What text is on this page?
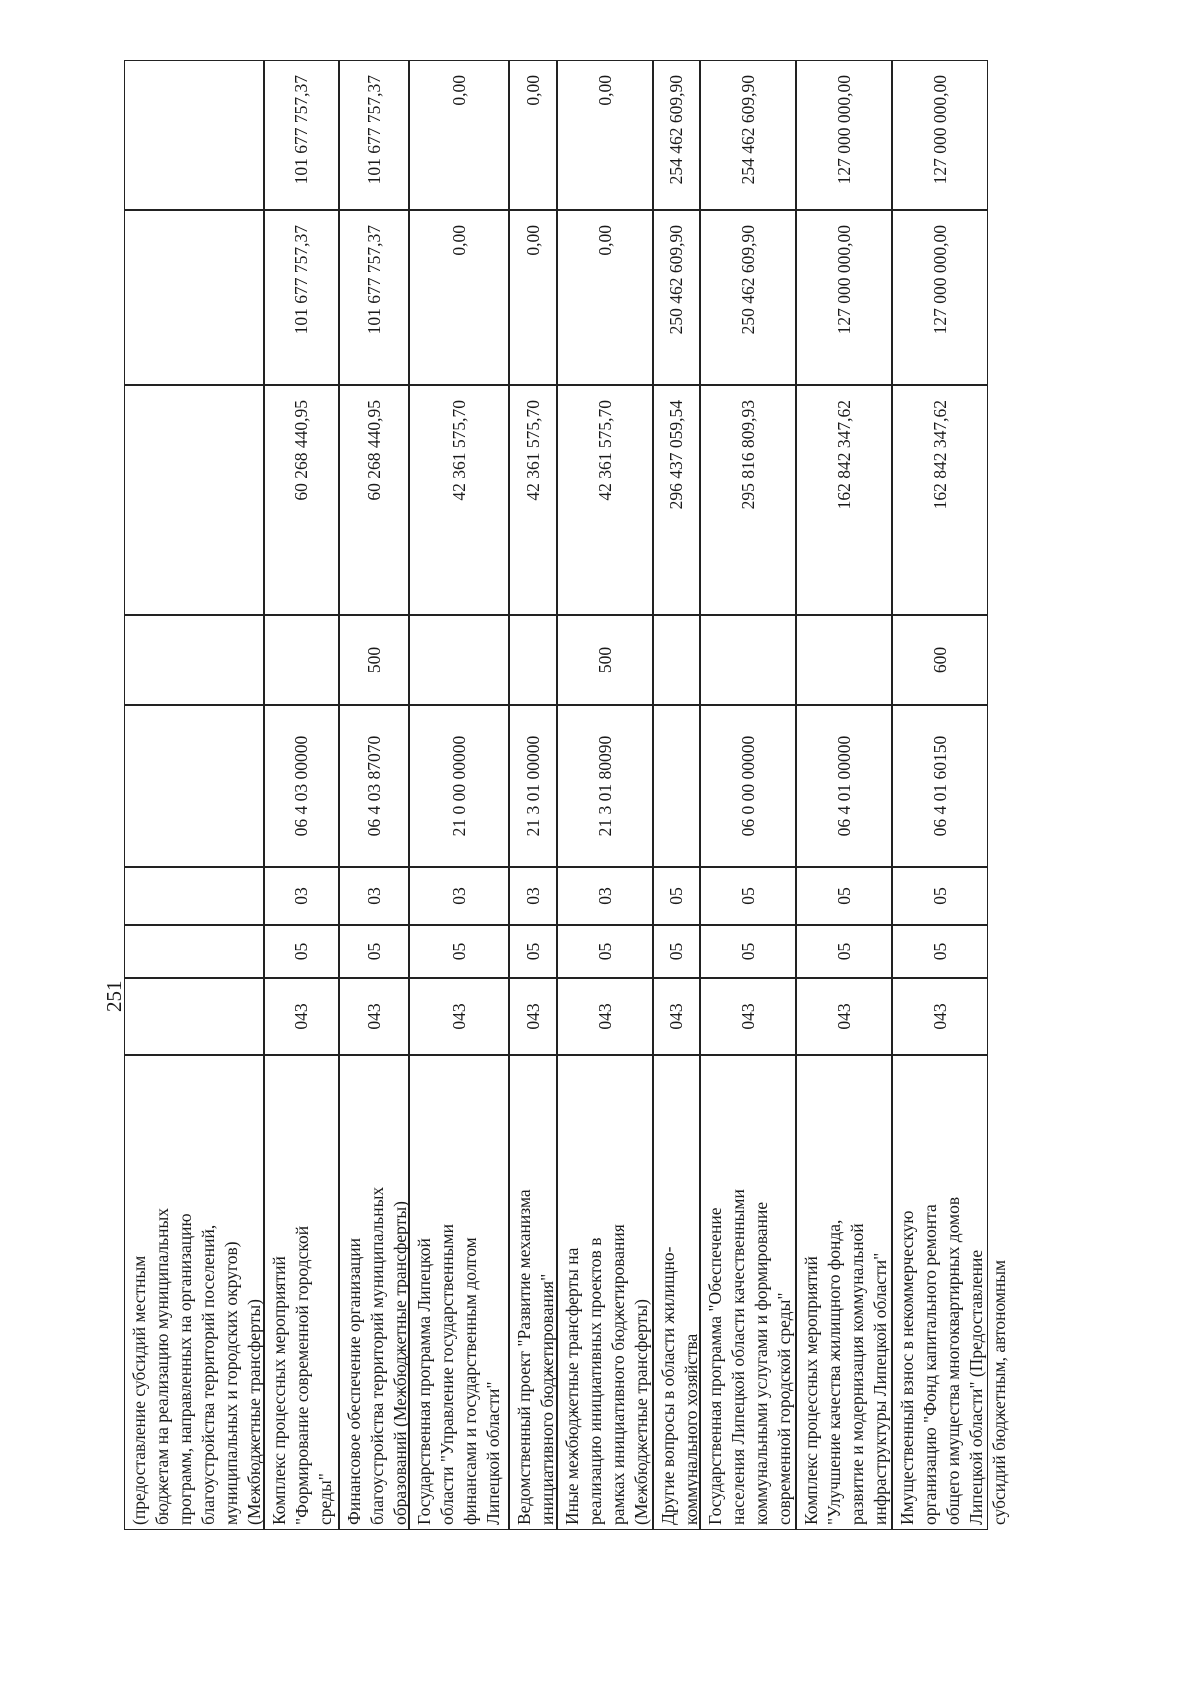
251
(предоставление субсидий местным
бюджетам на реализацию муниципальных
программ, направленных на организацию
благоустройства территорий поселений,
муниципальных и городских округов)
(Межбюджетные трансферты)
Комплекс процессных мероприятий
"Формирование современной городской
среды"
043
05
03
06 4 03 00000
60 268 440,95
101 677 757,37
101 677 757,37
Финансовое обеспечение организации
благоустройства территорий муниципальных
образований (Межбюджетные трансферты)
043
05
03
06 4 03 87070
500
60 268 440,95
101 677 757,37
101 677 757,37
Государственная программа Липецкой
области "Управление государственными
финансами и государственным долгом
Липецкой области"
043
05
03
21 0 00 00000
42 361 575,70
0,00
0,00
Ведомственный проект "Развитие механизма
инициативного бюджетирования"
043
05
03
21 3 01 00000
42 361 575,70
0,00
0,00
Иные межбюджетные трансферты на
реализацию инициативных проектов в
рамках инициативного бюджетирования
(Межбюджетные трансферты)
043
05
03
21 3 01 80090
500
42 361 575,70
0,00
0,00
Другие вопросы в области жилищно-
коммунального хозяйства
043
05
05
296 437 059,54
250 462 609,90
254 462 609,90
Государственная программа "Обеспечение
населения Липецкой области качественными
коммунальными услугами и формирование
современной городской среды"
043
05
05
06 0 00 00000
295 816 809,93
250 462 609,90
254 462 609,90
Комплекс процессных мероприятий
"Улучшение качества жилищного фонда,
развитие и модернизация коммунальной
инфраструктуры Липецкой области"
043
05
05
06 4 01 00000
162 842 347,62
127 000 000,00
127 000 000,00
Имущественный взнос в некоммерческую
организацию "Фонд капитального ремонта
общего имущества многоквартирных домов
Липецкой области" (Предоставление
субсидий бюджетным, автономным
043
05
05
06 4 01 60150
600
162 842 347,62
127 000 000,00
127 000 000,00
